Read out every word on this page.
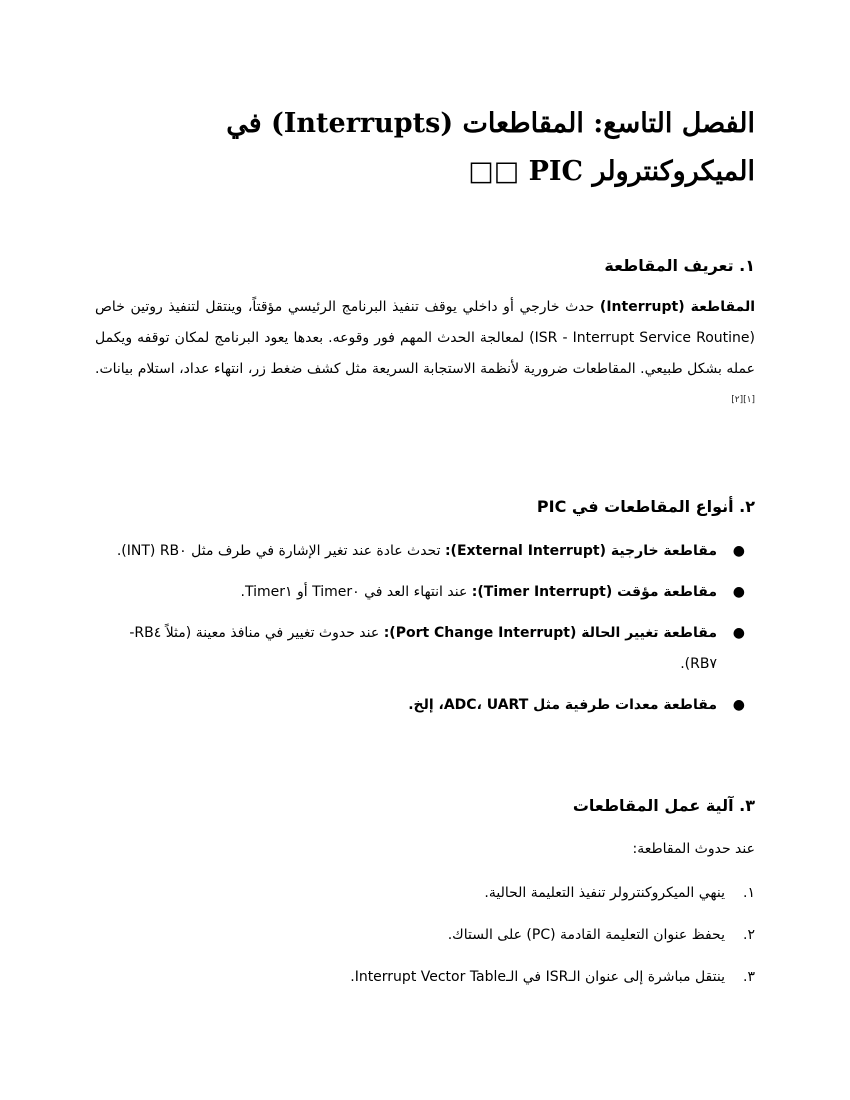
الفصل التاسع: المقاطعات (Interrupts) في الميكروكنترولر PIC □□
١. تعريف المقاطعة
المقاطعة (Interrupt) حدث خارجي أو داخلي يوقف تنفيذ البرنامج الرئيسي مؤقتاً، وينتقل لتنفيذ روتين خاص (ISR - Interrupt Service Routine) لمعالجة الحدث المهم فور وقوعه. بعدها يعود البرنامج لمكان توقفه ويكمل عمله بشكل طبيعي. المقاطعات ضرورية لأنظمة الاستجابة السريعة مثل كشف ضغط زر، انتهاء عداد، استلام بيانات. [١][٢]
٢. أنواع المقاطعات في PIC
●
مقاطعة خارجية (External Interrupt): تحدث عادة عند تغير الإشارة في طرف مثل RB٠ (INT).
●
مقاطعة مؤقت (Timer Interrupt): عند انتهاء العد في Timer٠ أو Timer١.
●
مقاطعة تغيير الحالة (Port Change Interrupt): عند حدوث تغيير في منافذ معينة (مثلاً RB٤-RB٧).
●
مقاطعة معدات طرفية مثل ADC، UART، إلخ.
٣. آلية عمل المقاطعات
عند حدوث المقاطعة:
١.
ينهي الميكروكنترولر تنفيذ التعليمة الحالية.
٢.
يحفظ عنوان التعليمة القادمة (PC) على الستاك.
٣.
ينتقل مباشرة إلى عنوان الـISR في الـInterrupt Vector Table.
